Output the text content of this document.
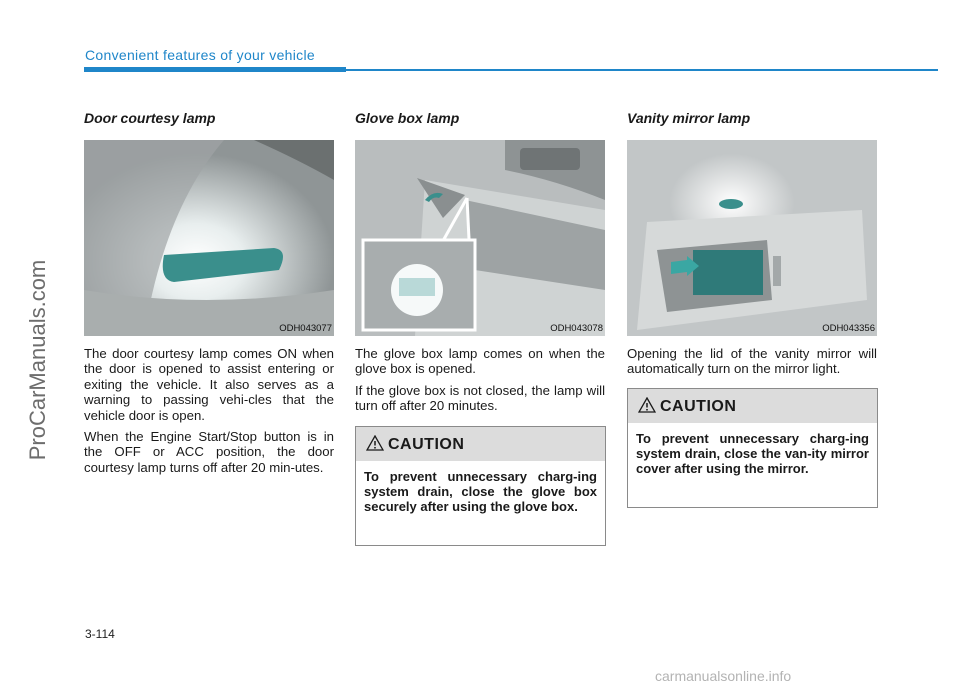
Convenient features of your vehicle
ProCarManuals.com
Door courtesy lamp
ODH043077
The door courtesy lamp comes ON when the door is opened to assist entering or exiting the vehicle. It also serves as a warning to passing vehi-cles that the vehicle door is open.
When the Engine Start/Stop button is in the OFF or ACC position, the door courtesy lamp turns off after 20 min-utes.
Glove box lamp
ODH043078
The glove box lamp comes on when the glove box is opened.
If the glove box is not closed, the lamp will turn off after 20 minutes.
CAUTION
To prevent unnecessary charg-ing system drain, close the glove box securely after using the glove box.
Vanity mirror lamp
ODH043356
Opening the lid of the vanity mirror will automatically turn on the mirror light.
CAUTION
To prevent unnecessary charg-ing system drain, close the van-ity mirror cover after using the mirror.
3-114
carmanualsonline.info
